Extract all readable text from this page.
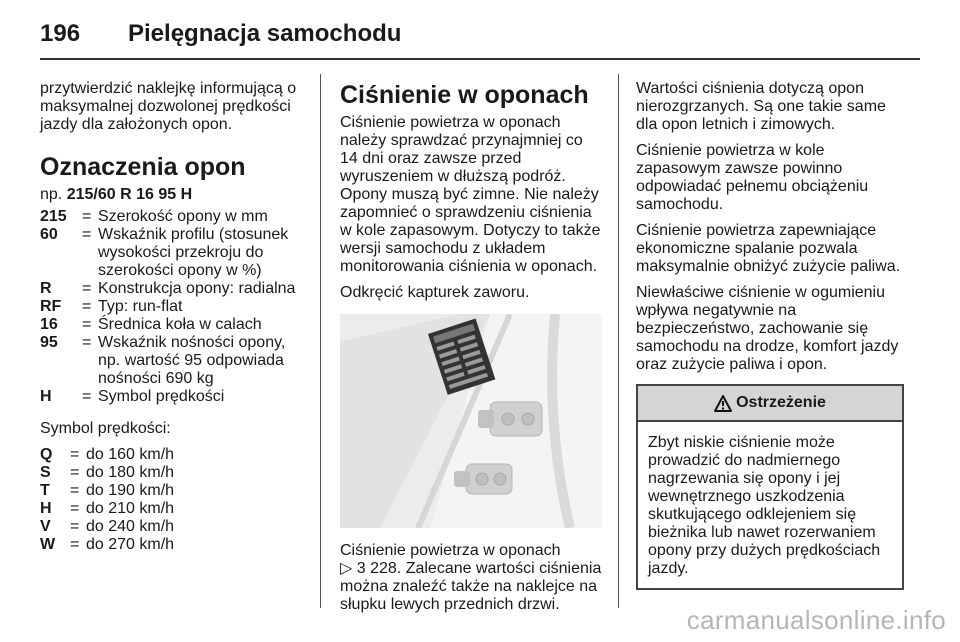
196	Pielęgnacja samochodu
przytwierdzić naklejkę informującą o maksymalnej dozwolonej prędkości jazdy dla założonych opon.
Oznaczenia opon
np. 215/60 R 16 95 H
215 = Szerokość opony w mm
60	= Wskaźnik profilu (stosunek wysokości przekroju do szerokości opony w %)
R	= Konstrukcja opony: radialna
RF	= Typ: run-flat
16	= Średnica koła w calach
95	= Wskaźnik nośności opony, np. wartość 95 odpowiada nośności 690 kg
H	= Symbol prędkości
Symbol prędkości:
Q	= do 160 km/h
S	= do 180 km/h
T	= do 190 km/h
H	= do 210 km/h
V	= do 240 km/h
W = do 270 km/h
Ciśnienie w oponach
Ciśnienie powietrza w oponach należy sprawdzać przynajmniej co 14 dni oraz zawsze przed wyruszeniem w dłuższą podróż. Opony muszą być zimne. Nie należy zapomnieć o sprawdzeniu ciśnienia w kole zapasowym. Dotyczy to także wersji samochodu z układem monitorowania ciśnienia w oponach.
Odkręcić kapturek zaworu.
Ciśnienie powietrza w oponach
▷ 3 228. Zalecane wartości ciśnienia można znaleźć także na naklejce na słupku lewych przednich drzwi.
Wartości ciśnienia dotyczą opon nierozgrzanych. Są one takie same dla opon letnich i zimowych.
Ciśnienie powietrza w kole zapasowym zawsze powinno odpowiadać pełnemu obciążeniu samochodu.
Ciśnienie powietrza zapewniające ekonomiczne spalanie pozwala maksymalnie obniżyć zużycie paliwa.
Niewłaściwe ciśnienie w ogumieniu wpływa negatywnie na bezpieczeństwo, zachowanie się samochodu na drodze, komfort jazdy oraz zużycie paliwa i opon.
Ostrzeżenie
Zbyt niskie ciśnienie może prowadzić do nadmiernego nagrzewania się opony i jej wewnętrznego uszkodzenia skutkującego odklejeniem się bieżnika lub nawet rozerwaniem opony przy dużych prędkościach jazdy.
carmanualsonline.info
